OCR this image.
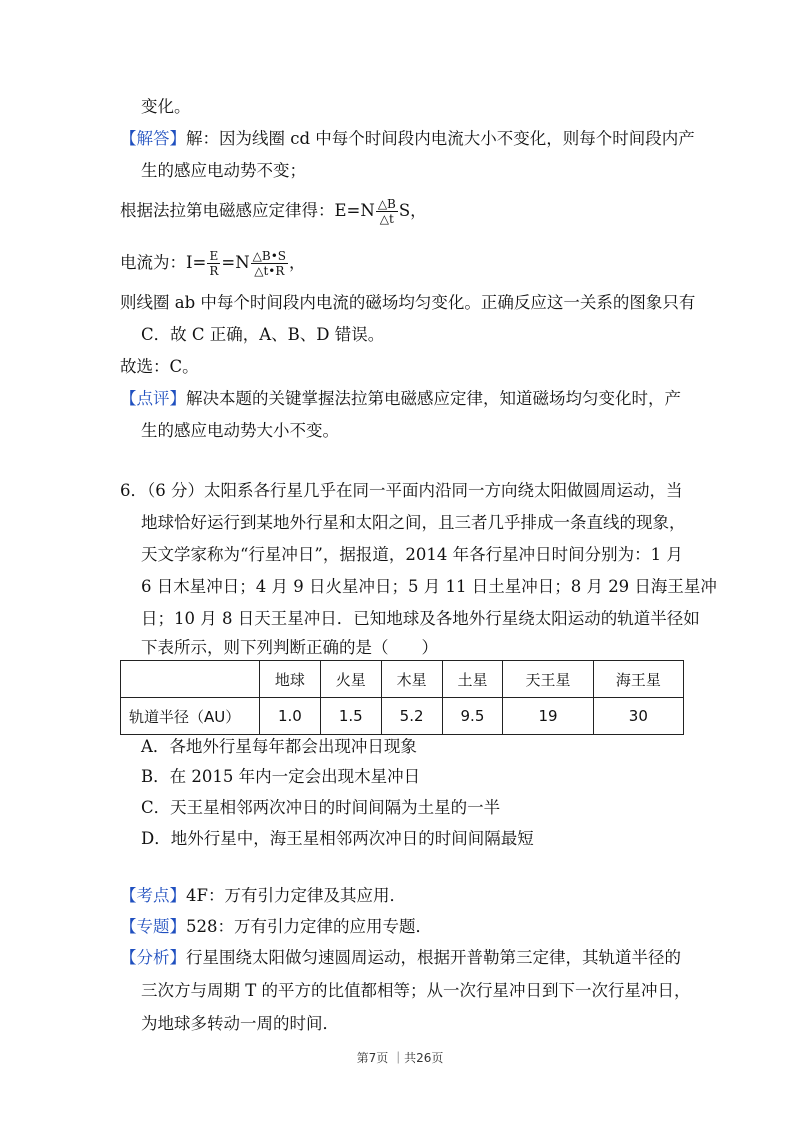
变化。
【解答】解：因为线圈 cd 中每个时间段内电流大小不变化，则每个时间段内产
生的感应电动势不变；
根据法拉第电磁感应定律得：$E=N \frac{\triangle B}{\triangle t}$ S，
电流为：$I= \frac{E}{R} =N \frac{\triangle B•S}{\triangle t•R}$ ，
则线圈 ab 中每个时间段内电流的磁场均匀变化。正确反应这一关系的图象只有
C．故 C 正确，A、B、D 错误。
故选：C。
【点评】解决本题的关键掌握法拉第电磁感应定律，知道磁场均匀变化时，产
生的感应电动势大小不变。
6．（6 分）太阳系各行星几乎在同一平面内沿同一方向绕太阳做圆周运动，当
地球恰好运行到某地外行星和太阳之间，且三者几乎排成一条直线的现象，
天文学家称为“行星冲日”，据报道，2014 年各行星冲日时间分别为：1 月
6 日木星冲日；4 月 9 日火星冲日；5 月 11 日土星冲日；8 月 29 日海王星冲
日；10 月 8 日天王星冲日．已知地球及各地外行星绕太阳运动的轨道半径如
下表所示，则下列判断正确的是（　　）
	地球	火星	木星	土星	天王星	海王星
轨道半径（AU）	1.0	1.5	5.2	9.5	19	30
A．各地外行星每年都会出现冲日现象
B．在 2015 年内一定会出现木星冲日
C．天王星相邻两次冲日的时间间隔为土星的一半
D．地外行星中，海王星相邻两次冲日的时间间隔最短
【考点】4F：万有引力定律及其应用．
【专题】528：万有引力定律的应用专题．
【分析】行星围绕太阳做匀速圆周运动，根据开普勒第三定律，其轨道半径的
三次方与周期 T 的平方的比值都相等；从一次行星冲日到下一次行星冲日，
为地球多转动一周的时间．
第7页 ｜共26页
